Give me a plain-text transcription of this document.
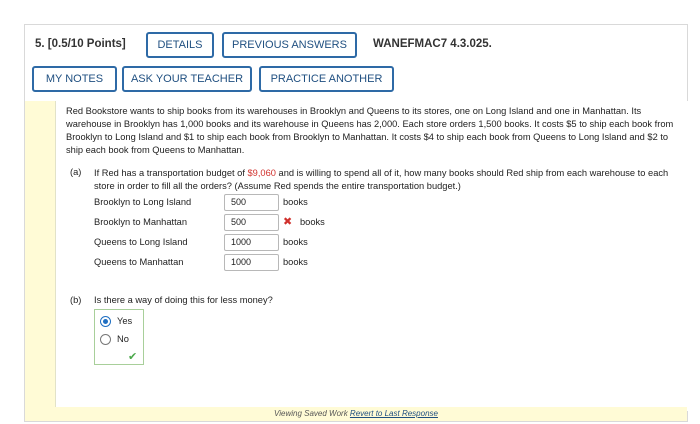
5. [0.5/10 Points]	DETAILS	PREVIOUS ANSWERS	WANEFMAC7 4.3.025.
MY NOTES	ASK YOUR TEACHER	PRACTICE ANOTHER

Red Bookstore wants to ship books from its warehouses in Brooklyn and Queens to its stores, one on Long Island and one in Manhattan. Its warehouse in Brooklyn has 1,000 books and its warehouse in Queens has 2,000. Each store orders 1,500 books. It costs $5 to ship each book from Brooklyn to Long Island and $1 to ship each book from Brooklyn to Manhattan. It costs $4 to ship each book from Queens to Long Island and $2 to ship each book from Queens to Manhattan.

(a) If Red has a transportation budget of $9,060 and is willing to spend all of it, how many books should Red ship from each warehouse to each store in order to fill all the orders? (Assume Red spends the entire transportation budget.)

Brooklyn to Long Island	500	books
Brooklyn to Manhattan	500	✖ books
Queens to Long Island	1000	books
Queens to Manhattan	1000	books
(b) Is there a way of doing this for less money?
Yes
No
✔
Viewing Saved Work Revert to Last Response
